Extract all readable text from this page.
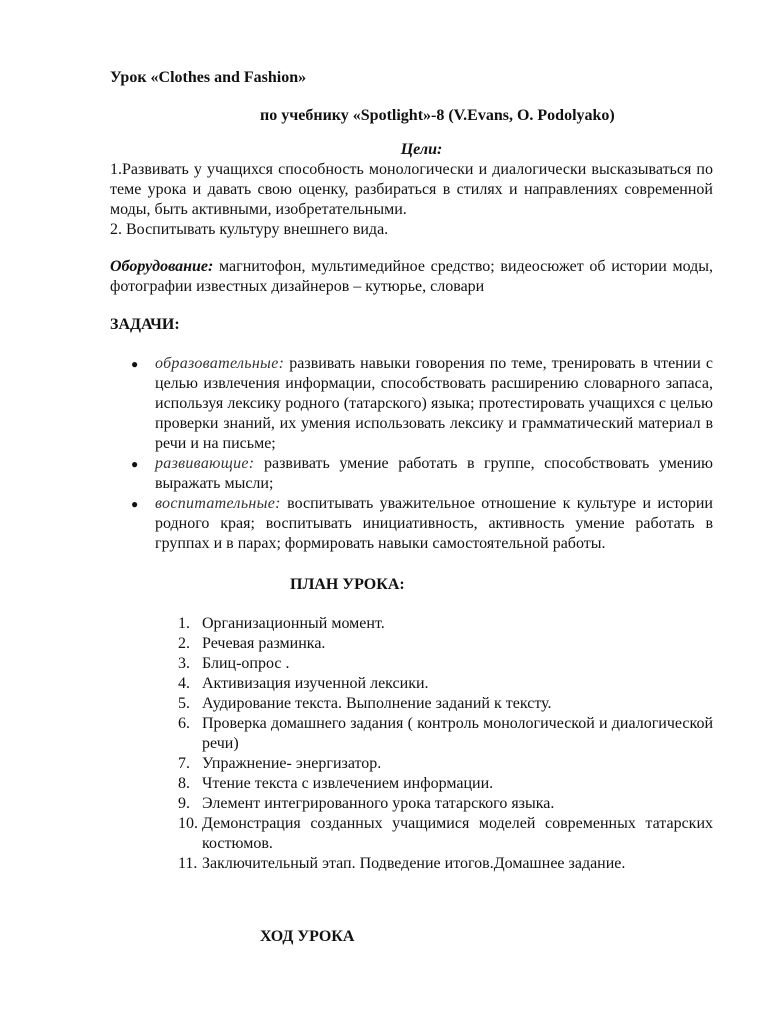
Урок «Clothes and Fashion»

по учебнику «Spotlight»-8 (V.Evans, O. Podolyako)

Цели:

1.Развивать у учащихся способность монологически и диалогически высказываться по теме урока и давать свою оценку, разбираться в стилях и направлениях современной моды, быть активными, изобретательными.

2. Воспитывать культуру внешнего вида.

Оборудование: магнитофон, мультимедийное средство; видеосюжет об истории моды, фотографии известных дизайнеров – кутюрье, словари

ЗАДАЧИ:

● образовательные: развивать навыки говорения по теме, тренировать в чтении с целью извлечения информации, способствовать расширению словарного запаса, используя лексику родного (татарского) языка; протестировать учащихся с целью проверки знаний, их умения использовать лексику и грамматический материал в речи и на письме;
● развивающие: развивать умение работать в группе, способствовать умению выражать мысли;
● воспитательные: воспитывать уважительное отношение к культуре и истории родного края; воспитывать инициативность, активность умение работать в группах и в парах; формировать навыки самостоятельной работы.

ПЛАН УРОКА:

1. Организационный момент.
2. Речевая разминка.
3. Блиц-опрос .
4. Активизация изученной лексики.
5. Аудирование текста. Выполнение заданий к тексту.
6. Проверка домашнего задания ( контроль монологической и диалогической речи)
7. Упражнение- энергизатор.
8. Чтение текста с извлечением информации.
9. Элемент интегрированного урока татарского языка.
10. Демонстрация созданных учащимися моделей современных татарских костюмов.
11. Заключительный этап. Подведение итогов.Домашнее задание.

ХОД УРОКА
